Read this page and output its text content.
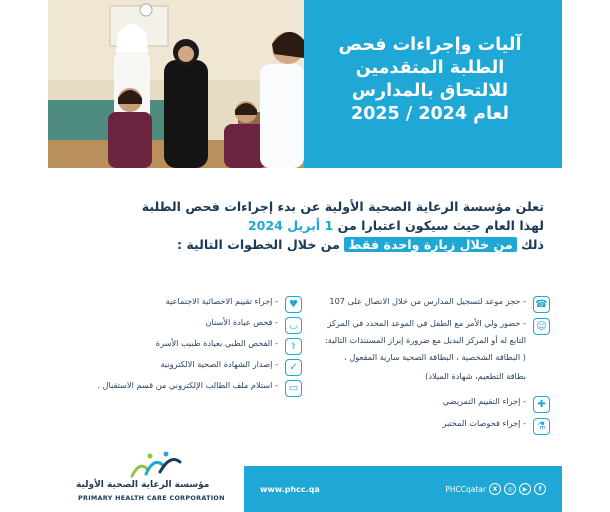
آليات وإجراءات فحص
الطلبة المتقدمين
للالتحاق بالمدارس
لعام 2024 / 2025
تعلن مؤسسة الرعاية الصحية الأولية عن بدء إجراءات فحص الطلبة
لهذا العام حيث سيكون اعتبارا من 1 أبريل 2024
ذلك من خلال زيارة واحدة فقط من خلال الخطوات التالية :
☎
- حجز موعد لتسجيل المدارس من خلال الاتصال على 107
☺
- حضور ولي الأمر مع الطفل في الموعد المحدد في المركز
التابع له أو المركز البديل مع ضرورة إبراز المستندات التالية:
( البطاقة الشخصية ، البطاقة الصحية سارية المفعول ،
بطاقة التطعيم، شهادة الميلاد)
✚
- إجراء التقييم التمريضي
⚗
- إجراء فحوصات المختبر
♥
- إجراء تقييم الاخصائية الاجتماعية
◡
- فحص عيادة الأسنان
⚕
- الفحص الطبي بعيادة طبيب الأسرة
✓
- إصدار الشهادة الصحية الالكترونية
▭
- استلام ملف الطالب الإلكتروني من قسم الاستقبال .
مؤسسة الرعاية الصحية الأولية
PRIMARY HEALTH CARE CORPORATION
www.phcc.qa	PHCCqatar	X	◎	▶	f
